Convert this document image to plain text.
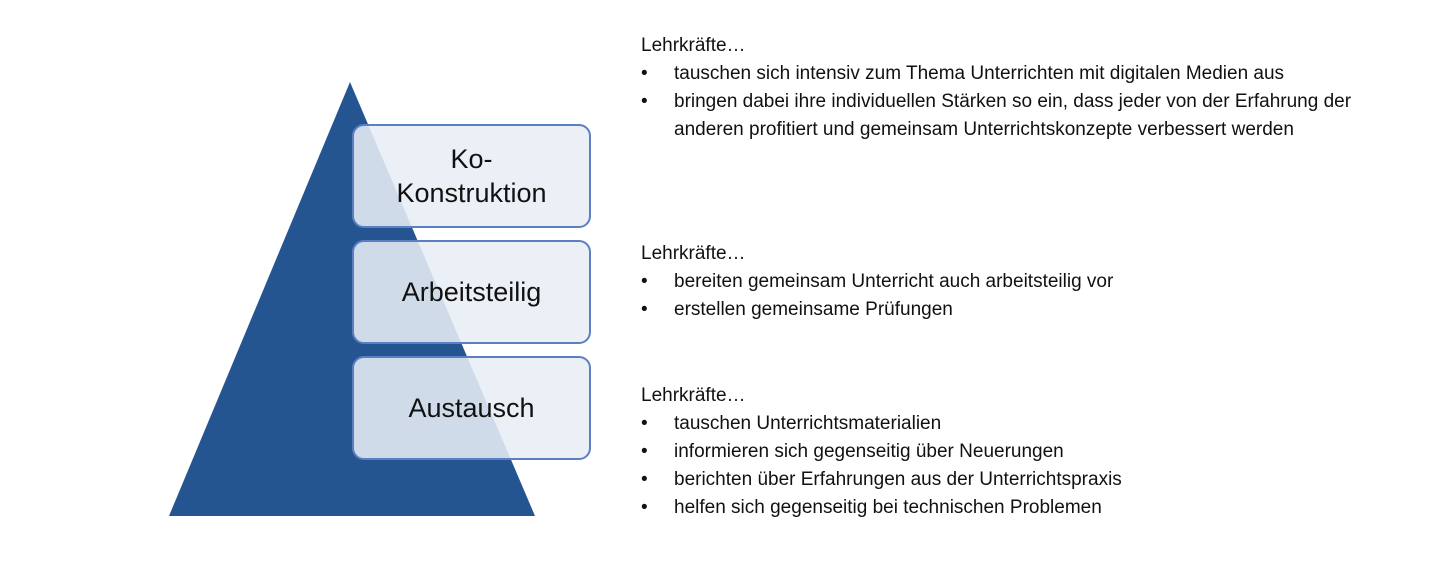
Ko-
Konstruktion
Arbeitsteilig
Austausch

Lehrkräfte…

• tauschen sich intensiv zum Thema Unterrichten mit digitalen Medien aus
• bringen dabei ihre individuellen Stärken so ein, dass jeder von der Erfahrung der anderen profitiert und gemeinsam Unterrichtskonzepte verbessert werden

Lehrkräfte…

• bereiten gemeinsam Unterricht auch arbeitsteilig vor
• erstellen gemeinsame Prüfungen

Lehrkräfte…

• tauschen Unterrichtsmaterialien
• informieren sich gegenseitig über Neuerungen
• berichten über Erfahrungen aus der Unterrichtspraxis
• helfen sich gegenseitig bei technischen Problemen
